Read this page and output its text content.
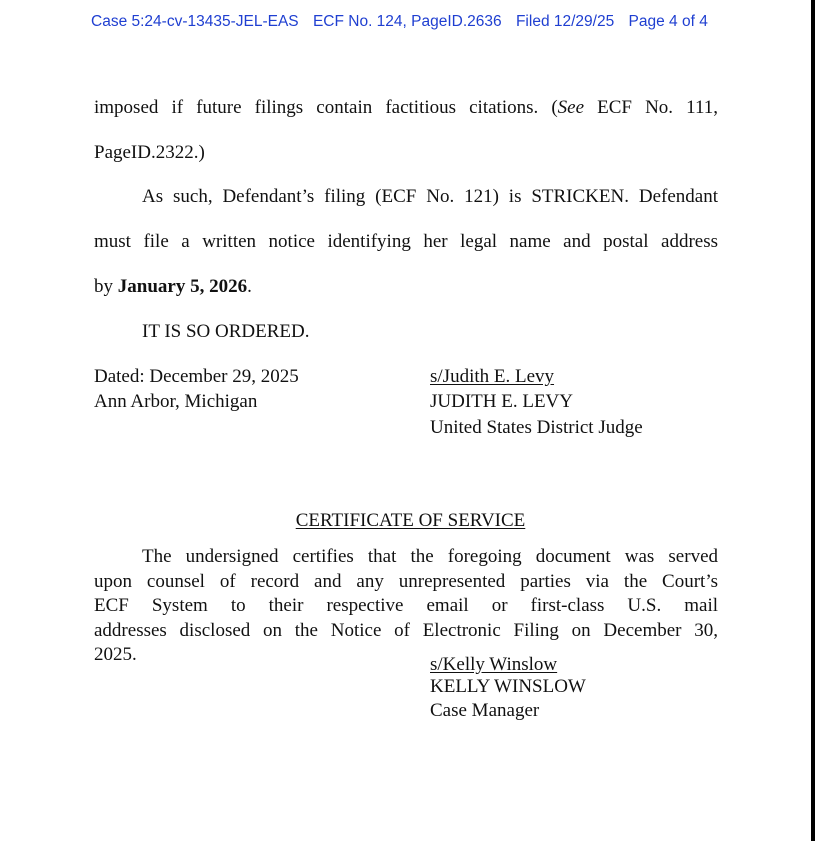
Case 5:24-cv-13435-JEL-EAS ECF No. 124, PageID.2636 Filed 12/29/25 Page 4 of 4
imposed if future filings contain factitious citations. (See ECF No. 111,
PageID.2322.)
As such, Defendant’s filing (ECF No. 121) is STRICKEN. Defendant
must file a written notice identifying her legal name and postal address
by January 5, 2026.
IT IS SO ORDERED.
Dated: December 29, 2025
Ann Arbor, Michigan
s/Judith E. Levy
JUDITH E. LEVY
United States District Judge
CERTIFICATE OF SERVICE
The undersigned certifies that the foregoing document was served
upon counsel of record and any unrepresented parties via the Court’s
ECF System to their respective email or first-class U.S. mail
addresses disclosed on the Notice of Electronic Filing on December 30,
2025.	s/Kelly Winslow
KELLY WINSLOW
Case Manager
